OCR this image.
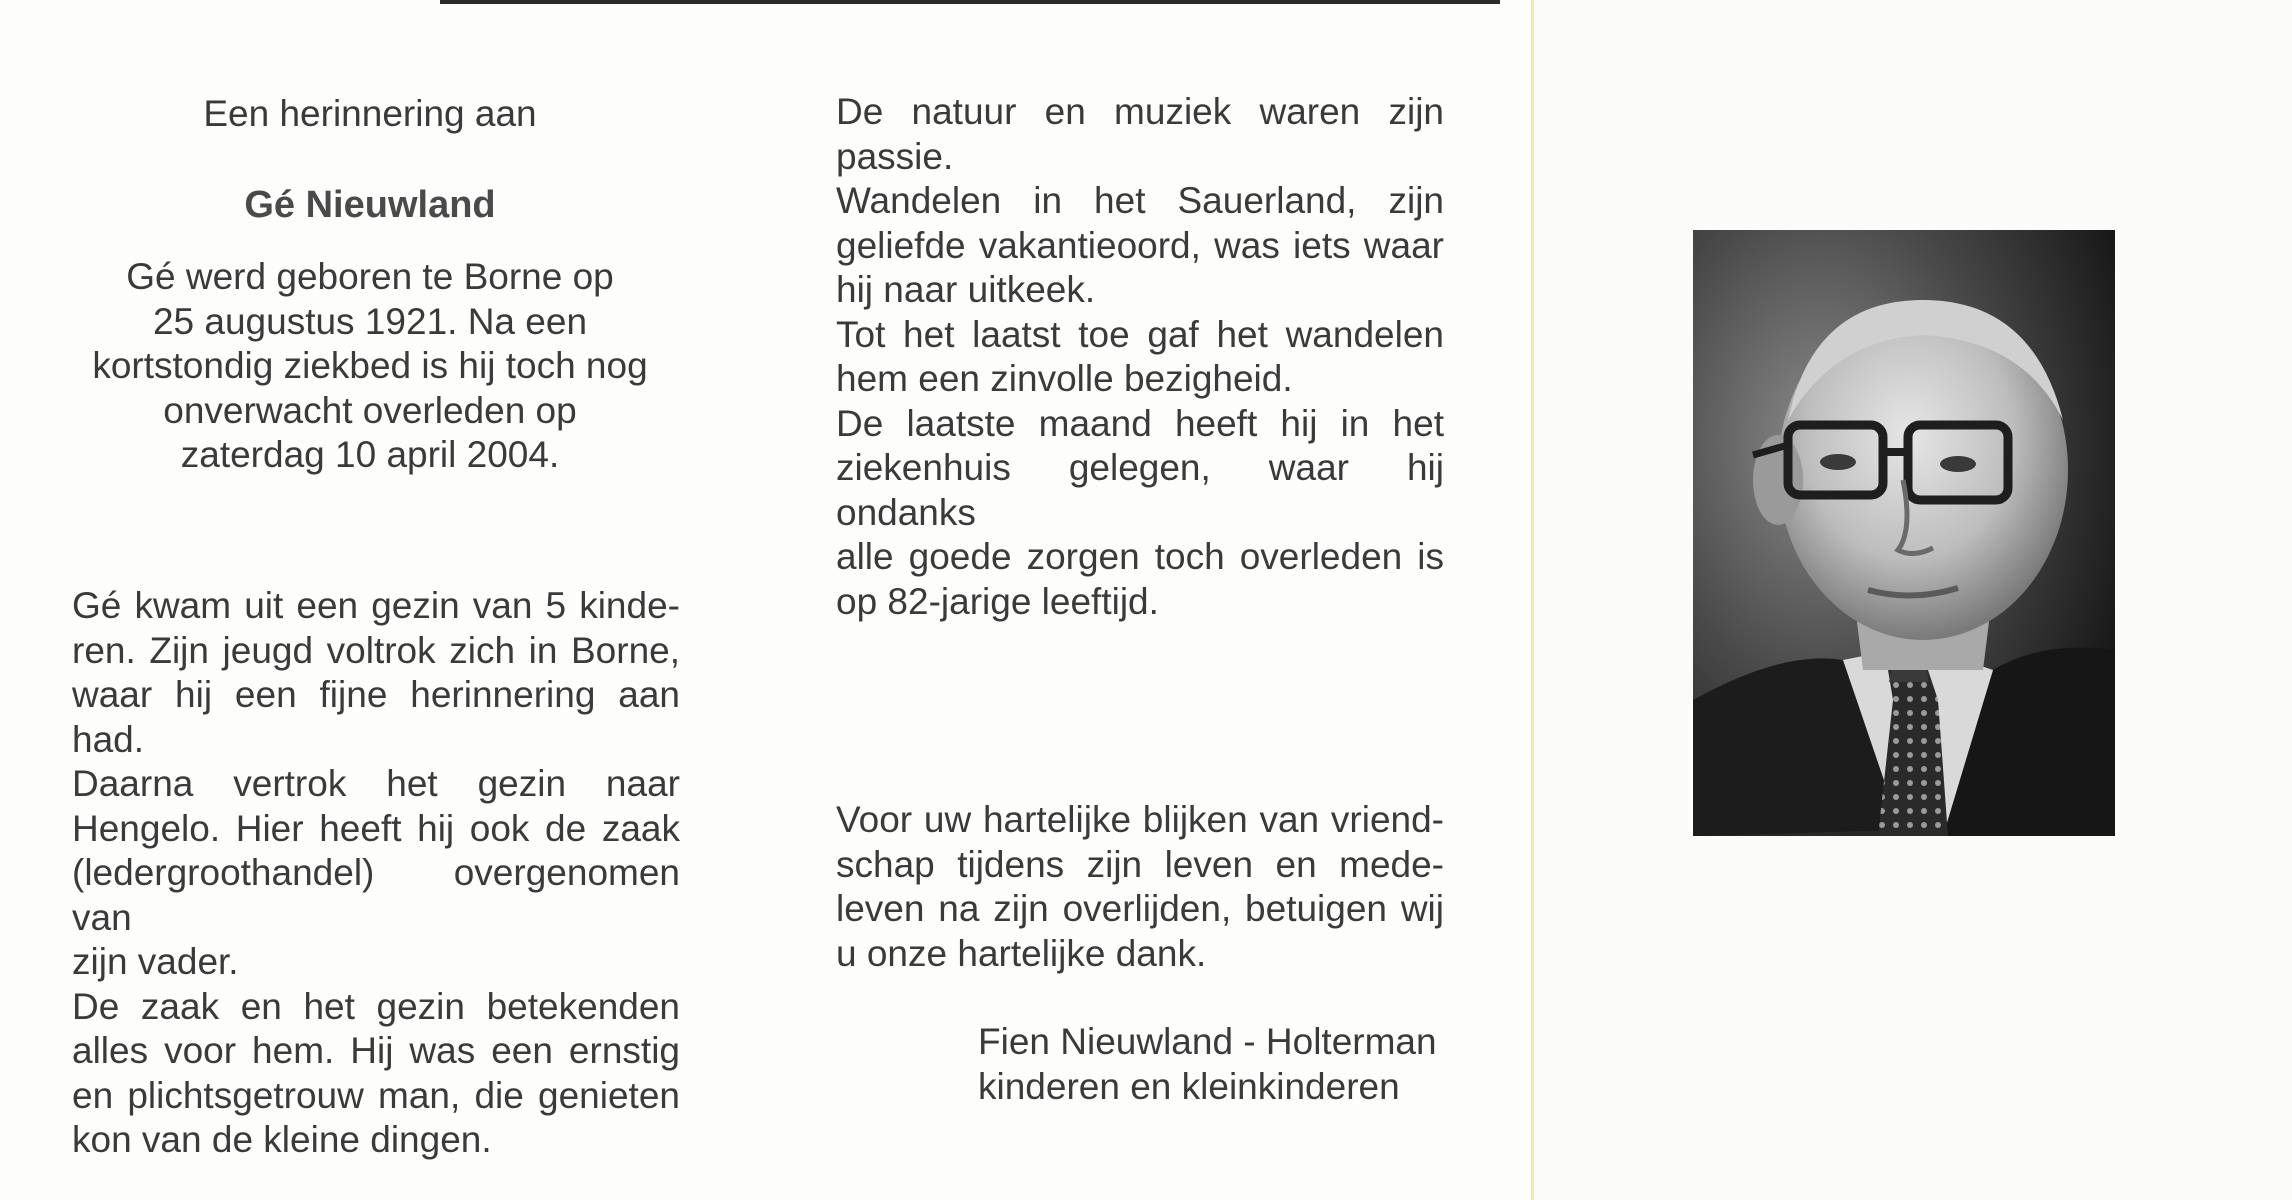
Een herinnering aan

Gé Nieuwland

Gé werd geboren te Borne op

25 augustus 1921. Na een

kortstondig ziekbed is hij toch nog

onverwacht overleden op

zaterdag 10 april 2004.

Gé kwam uit een gezin van 5 kinde-

ren. Zijn jeugd voltrok zich in Borne,

waar hij een fijne herinnering aan

had.

Daarna vertrok het gezin naar

Hengelo. Hier heeft hij ook de zaak

(ledergroothandel) overgenomen van

zijn vader.

De zaak en het gezin betekenden

alles voor hem. Hij was een ernstig

en plichtsgetrouw man, die genieten

kon van de kleine dingen.

De natuur en muziek waren zijn

passie.

Wandelen in het Sauerland, zijn

geliefde vakantieoord, was iets waar

hij naar uitkeek.

Tot het laatst toe gaf het wandelen

hem een zinvolle bezigheid.

De laatste maand heeft hij in het

ziekenhuis gelegen, waar hij ondanks

alle goede zorgen toch overleden is

op 82-jarige leeftijd.

Voor uw hartelijke blijken van vriend-

schap tijdens zijn leven en mede-

leven na zijn overlijden, betuigen wij

u onze hartelijke dank.

Fien Nieuwland - Holterman

kinderen en kleinkinderen
